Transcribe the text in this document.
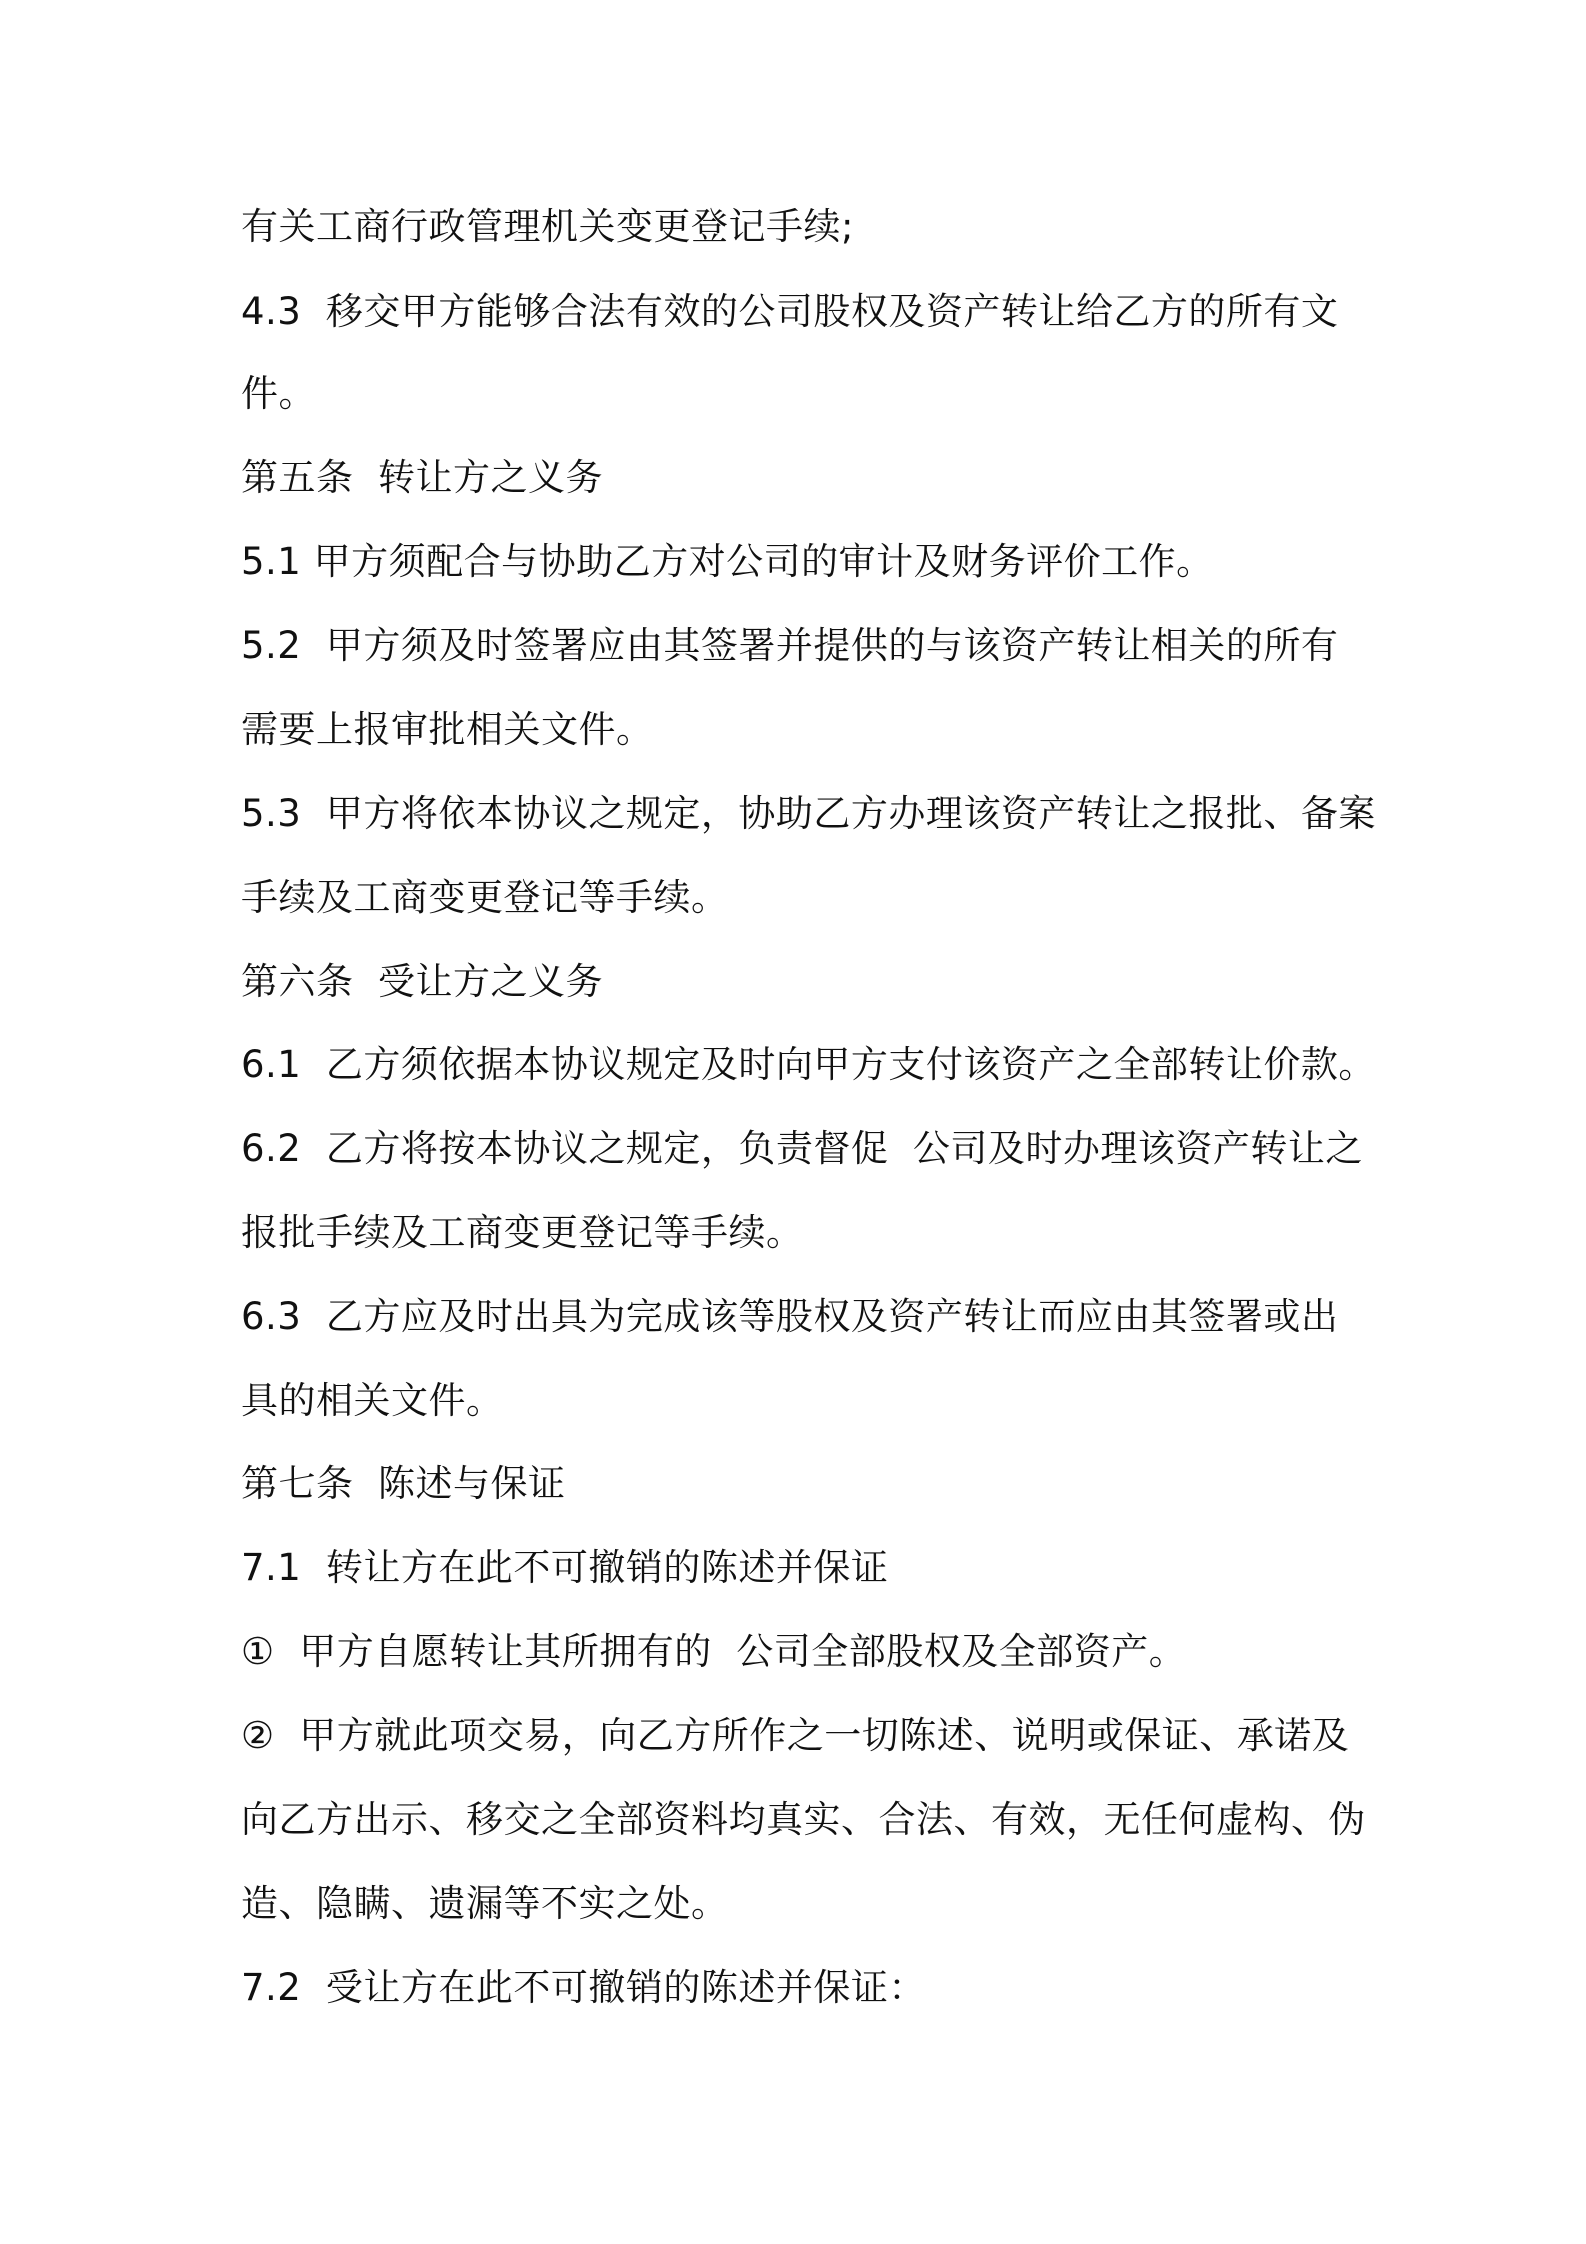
有关工商行政管理机关变更登记手续;
4.3  移交甲方能够合法有效的公司股权及资产转让给乙方的所有文
件。
第五条  转让方之义务
5.1 甲方须配合与协助乙方对公司的审计及财务评价工作。
5.2  甲方须及时签署应由其签署并提供的与该资产转让相关的所有
需要上报审批相关文件。
5.3  甲方将依本协议之规定，协助乙方办理该资产转让之报批、备案
手续及工商变更登记等手续。
第六条  受让方之义务
6.1  乙方须依据本协议规定及时向甲方支付该资产之全部转让价款。
6.2  乙方将按本协议之规定，负责督促  公司及时办理该资产转让之
报批手续及工商变更登记等手续。
6.3  乙方应及时出具为完成该等股权及资产转让而应由其签署或出
具的相关文件。
第七条  陈述与保证
7.1  转让方在此不可撤销的陈述并保证
①  甲方自愿转让其所拥有的  公司全部股权及全部资产。
②  甲方就此项交易，向乙方所作之一切陈述、说明或保证、承诺及
向乙方出示、移交之全部资料均真实、合法、有效，无任何虚构、伪
造、隐瞒、遗漏等不实之处。
7.2  受让方在此不可撤销的陈述并保证：
